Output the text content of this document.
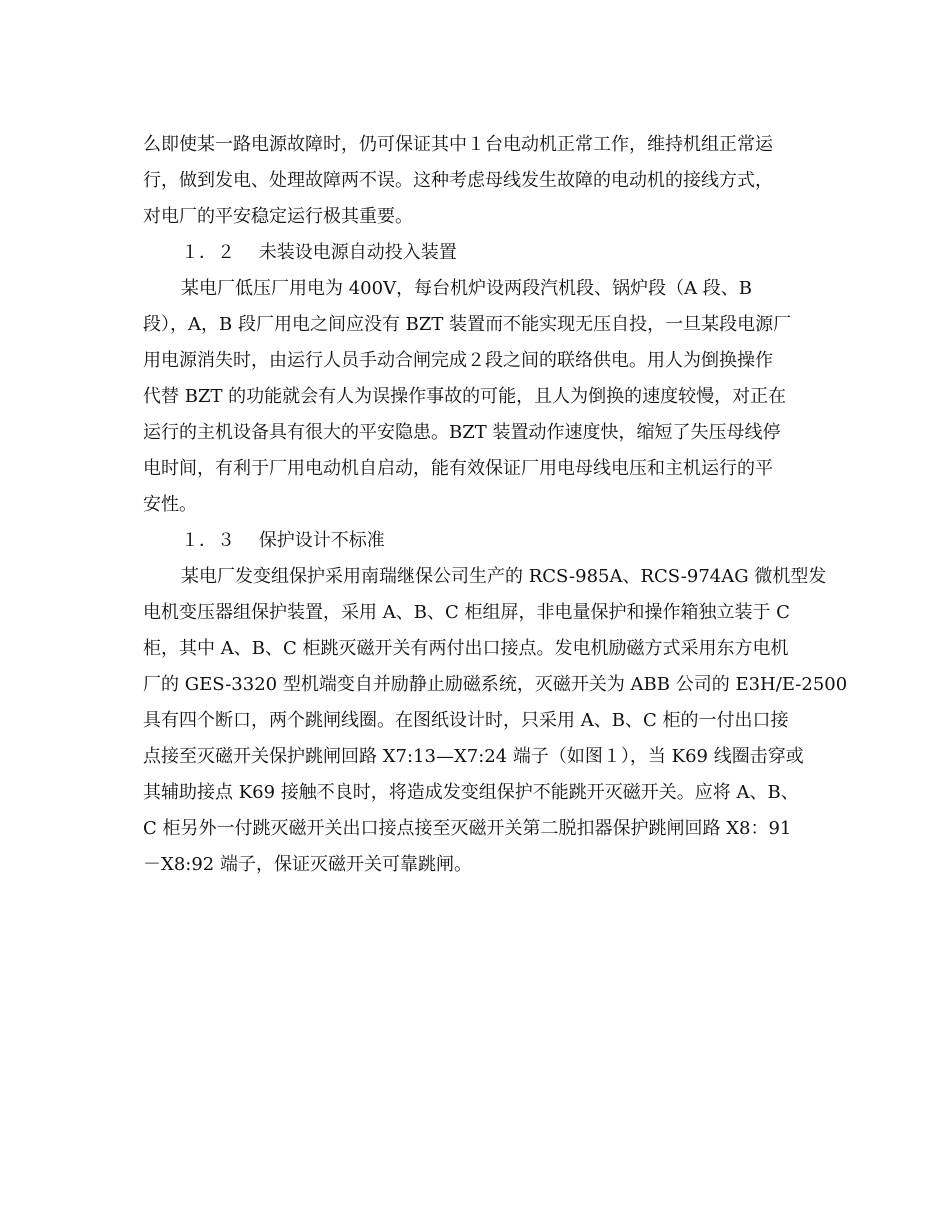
么即使某一路电源故障时，仍可保证其中１台电动机正常工作，维持机组正常运
行，做到发电、处理故障两不误。这种考虑母线发生故障的电动机的接线方式，
对电厂的平安稳定运行极其重要。
１．２　 未装设电源自动投入装置
某电厂低压厂用电为 400V，每台机炉设两段汽机段、锅炉段（A 段、B
段），A，B 段厂用电之间应没有 BZT 装置而不能实现无压自投，一旦某段电源厂
用电源消失时，由运行人员手动合闸完成２段之间的联络供电。用人为倒换操作
代替 BZT 的功能就会有人为误操作事故的可能，且人为倒换的速度较慢，对正在
运行的主机设备具有很大的平安隐患。BZT 装置动作速度快，缩短了失压母线停
电时间，有利于厂用电动机自启动，能有效保证厂用电母线电压和主机运行的平
安性。
１．３　 保护设计不标准
某电厂发变组保护采用南瑞继保公司生产的 RCS-985A、RCS-974AG 微机型发
电机变压器组保护装置，采用 A、B、C 柜组屏，非电量保护和操作箱独立装于 C
柜，其中 A、B、C 柜跳灭磁开关有两付出口接点。发电机励磁方式采用东方电机
厂的 GES-3320 型机端变自并励静止励磁系统，灭磁开关为 ABB 公司的 E3H/E-2500
具有四个断口，两个跳闸线圈。在图纸设计时，只采用 A、B、C 柜的一付出口接
点接至灭磁开关保护跳闸回路 X7:13—X7:24 端子（如图１），当 K69 线圈击穿或
其辅助接点 K69 接触不良时，将造成发变组保护不能跳开灭磁开关。应将 A、B、
C 柜另外一付跳灭磁开关出口接点接至灭磁开关第二脱扣器保护跳闸回路 X8：91
－X8:92 端子，保证灭磁开关可靠跳闸。
